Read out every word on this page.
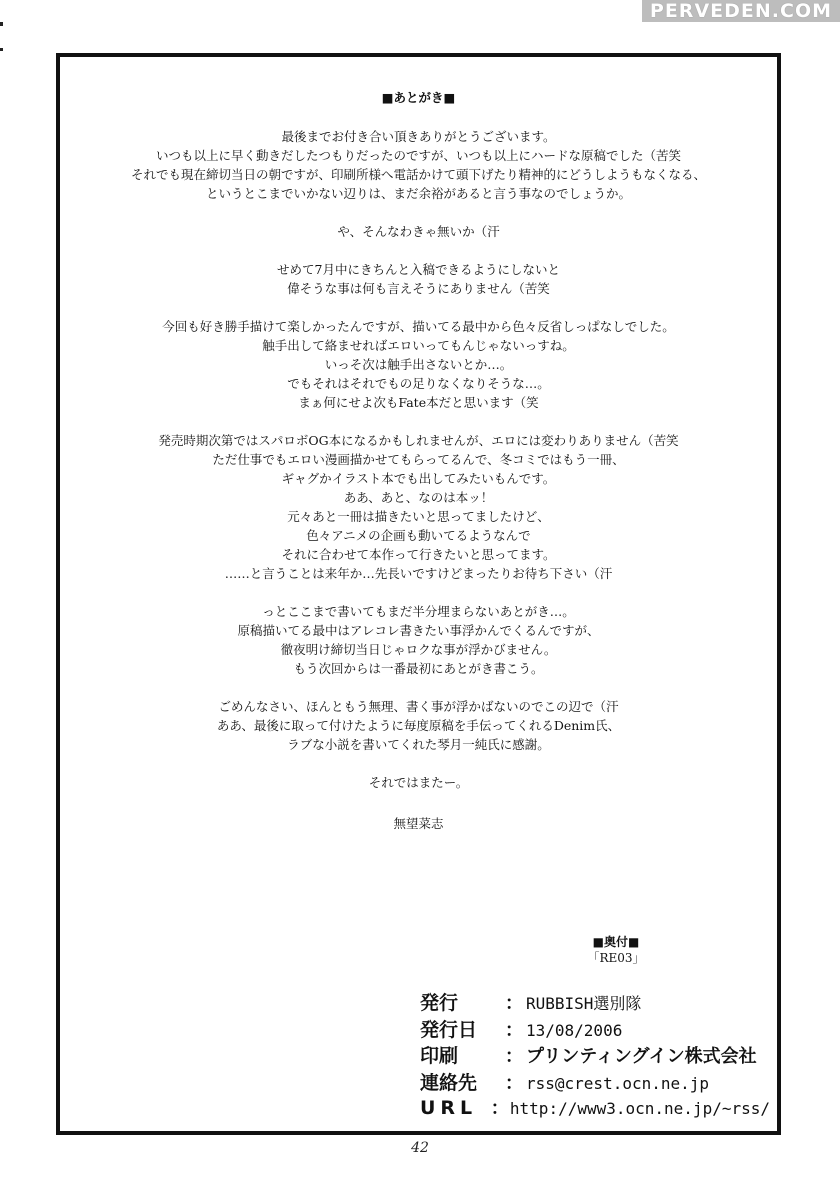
PERVEDEN.COM
■あとがき■
最後までお付き合い頂きありがとうございます。
いつも以上に早く動きだしたつもりだったのですが、いつも以上にハードな原稿でした（苦笑
それでも現在締切当日の朝ですが、印刷所様へ電話かけて頭下げたり精神的にどうしようもなくなる、
というとこまでいかない辺りは、まだ余裕があると言う事なのでしょうか。
や、そんなわきゃ無いか（汗
せめて7月中にきちんと入稿できるようにしないと
偉そうな事は何も言えそうにありません（苦笑
今回も好き勝手描けて楽しかったんですが、描いてる最中から色々反省しっぱなしでした。
触手出して絡ませればエロいってもんじゃないっすね。
いっそ次は触手出さないとか…。
でもそれはそれでもの足りなくなりそうな…。
まぁ何にせよ次もFate本だと思います（笑
発売時期次第ではスパロボOG本になるかもしれませんが、エロには変わりありません（苦笑
ただ仕事でもエロい漫画描かせてもらってるんで、冬コミではもう一冊、
ギャグかイラスト本でも出してみたいもんです。
ああ、あと、なのは本ッ！
元々あと一冊は描きたいと思ってましたけど、
色々アニメの企画も動いてるようなんで
それに合わせて本作って行きたいと思ってます。
……と言うことは来年か…先長いですけどまったりお待ち下さい（汗
っとここまで書いてもまだ半分埋まらないあとがき…。
原稿描いてる最中はアレコレ書きたい事浮かんでくるんですが、
徹夜明け締切当日じゃロクな事が浮かびません。
もう次回からは一番最初にあとがき書こう。
ごめんなさい、ほんともう無理、書く事が浮かばないのでこの辺で（汗
ああ、最後に取って付けたように毎度原稿を手伝ってくれるDenim氏、
ラブな小説を書いてくれた琴月一純氏に感謝。
それではまたー。
無望菜志
■奥付■
「RE03」
発行	： RUBBISH選別隊
発行日	： 13/08/2006
印刷	： プリンティングイン株式会社
連絡先	： rss@crest.ocn.ne.jp
URL ： http://www3.ocn.ne.jp/~rss/
42
